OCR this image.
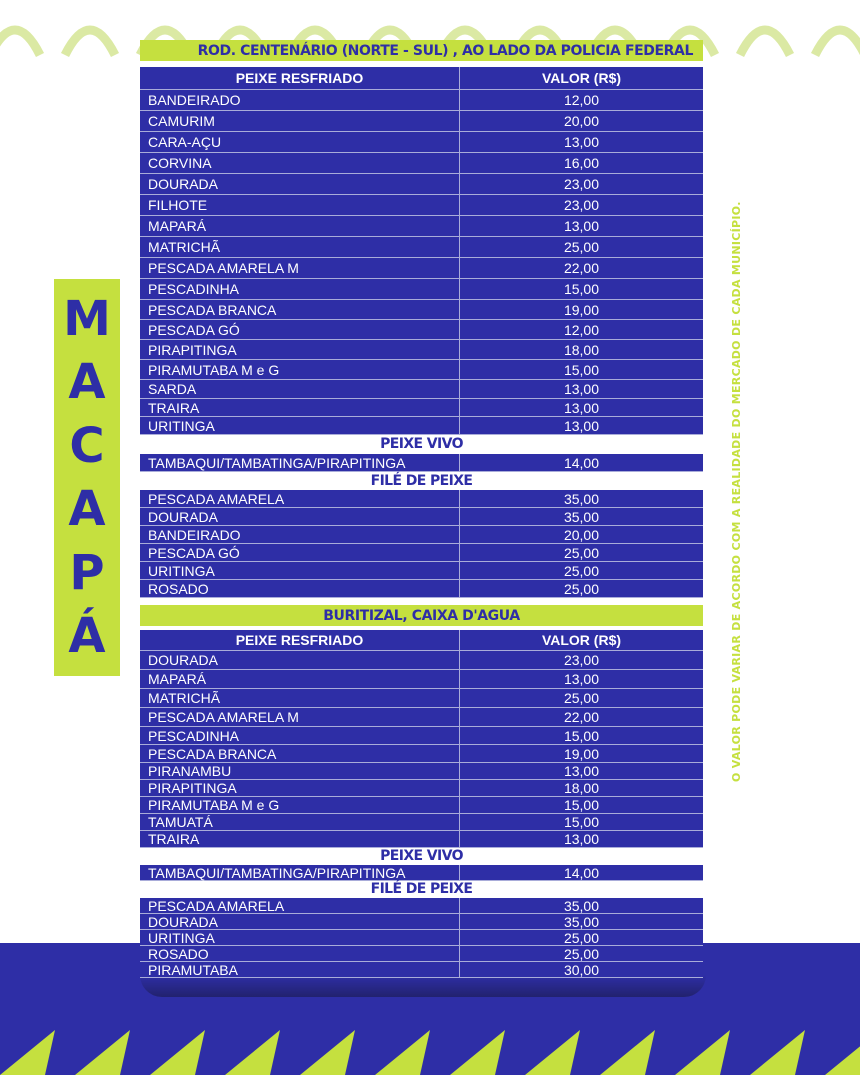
M
A
C
A
P
Á	O VALOR PODE VARIAR DE ACORDO COM A REALIDADE DO MERCADO DE CADA MUNICÍPIO.
ROD. CENTENÁRIO (NORTE - SUL) , AO LADO DA POLICIA FEDERAL
PEIXE RESFRIADO	VALOR (R$)
BANDEIRADO	12,00
CAMURIM	20,00
CARA-AÇU	13,00
CORVINA	16,00
DOURADA	23,00
FILHOTE	23,00
MAPARÁ	13,00
MATRICHÃ	25,00
PESCADA AMARELA M	22,00
PESCADINHA	15,00
PESCADA BRANCA	19,00
PESCADA GÓ	12,00
PIRAPITINGA	18,00
PIRAMUTABA M e G	15,00
SARDA	13,00
TRAIRA	13,00
URITINGA	13,00
PEIXE VIVO
TAMBAQUI/TAMBATINGA/PIRAPITINGA	14,00
FILÉ DE PEIXE
PESCADA AMARELA	35,00
DOURADA	35,00
BANDEIRADO	20,00
PESCADA GÓ	25,00
URITINGA	25,00
ROSADO	25,00
BURITIZAL, CAIXA D'AGUA
PEIXE RESFRIADO	VALOR (R$)
DOURADA	23,00
MAPARÁ	13,00
MATRICHÃ	25,00
PESCADA AMARELA M	22,00
PESCADINHA	15,00
PESCADA BRANCA	19,00
PIRANAMBU	13,00
PIRAPITINGA	18,00
PIRAMUTABA M e G	15,00
TAMUATÁ	15,00
TRAIRA	13,00
PEIXE VIVO
TAMBAQUI/TAMBATINGA/PIRAPITINGA	14,00
FILÉ DE PEIXE
PESCADA AMARELA	35,00
DOURADA	35,00
URITINGA	25,00
ROSADO	25,00
PIRAMUTABA	30,00
